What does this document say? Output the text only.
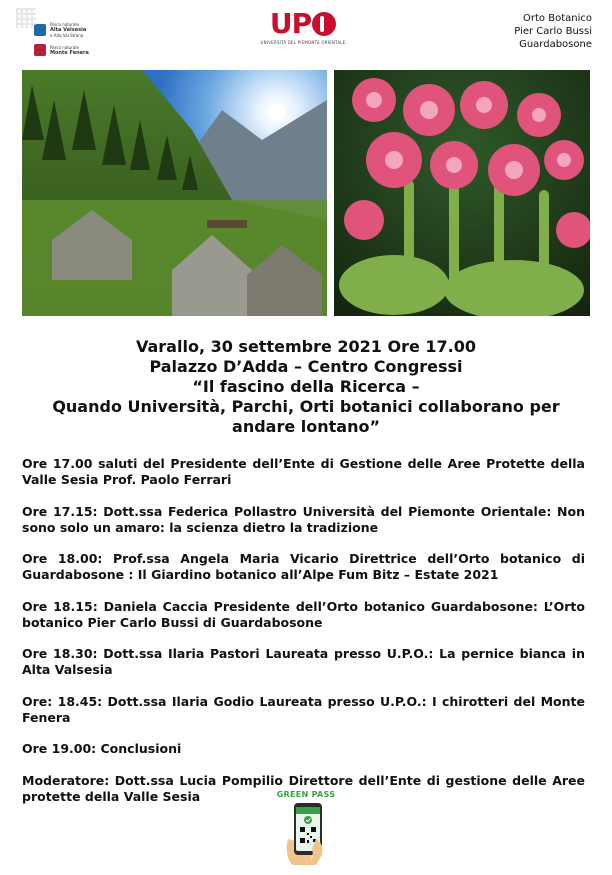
Parco naturale
Alta Valsesia
e Alta Val Strona
Parco naturale
Monte Fenera
UP
UNIVERSITÀ DEL PIEMONTE ORIENTALE
Orto Botanico
Pier Carlo Bussi
Guardabosone
Varallo, 30 settembre 2021 Ore 17.00
Palazzo D’Adda – Centro Congressi
“Il fascino della Ricerca –
Quando Università, Parchi, Orti botanici collaborano per
andare lontano”

Ore 17.00 saluti del Presidente dell’Ente di Gestione delle Aree Protette della Valle Sesia Prof. Paolo Ferrari

Ore 17.15: Dott.ssa Federica Pollastro Università del Piemonte Orientale: Non sono solo un amaro: la scienza dietro la tradizione

Ore 18.00: Prof.ssa Angela Maria Vicario Direttrice dell’Orto botanico di Guardabosone : Il Giardino botanico all’Alpe Fum Bitz – Estate 2021

Ore 18.15: Daniela Caccia Presidente dell’Orto botanico Guardabosone: L’Orto botanico Pier Carlo Bussi di Guardabosone

Ore 18.30: Dott.ssa Ilaria Pastori Laureata presso U.P.O.: La pernice bianca in Alta Valsesia

Ore: 18.45: Dott.ssa Ilaria Godio Laureata presso U.P.O.: I chirotteri del Monte Fenera

Ore 19.00: Conclusioni

Moderatore: Dott.ssa Lucia Pompilio Direttore dell’Ente di gestione delle Aree protette della Valle Sesia	GREEN PASS
